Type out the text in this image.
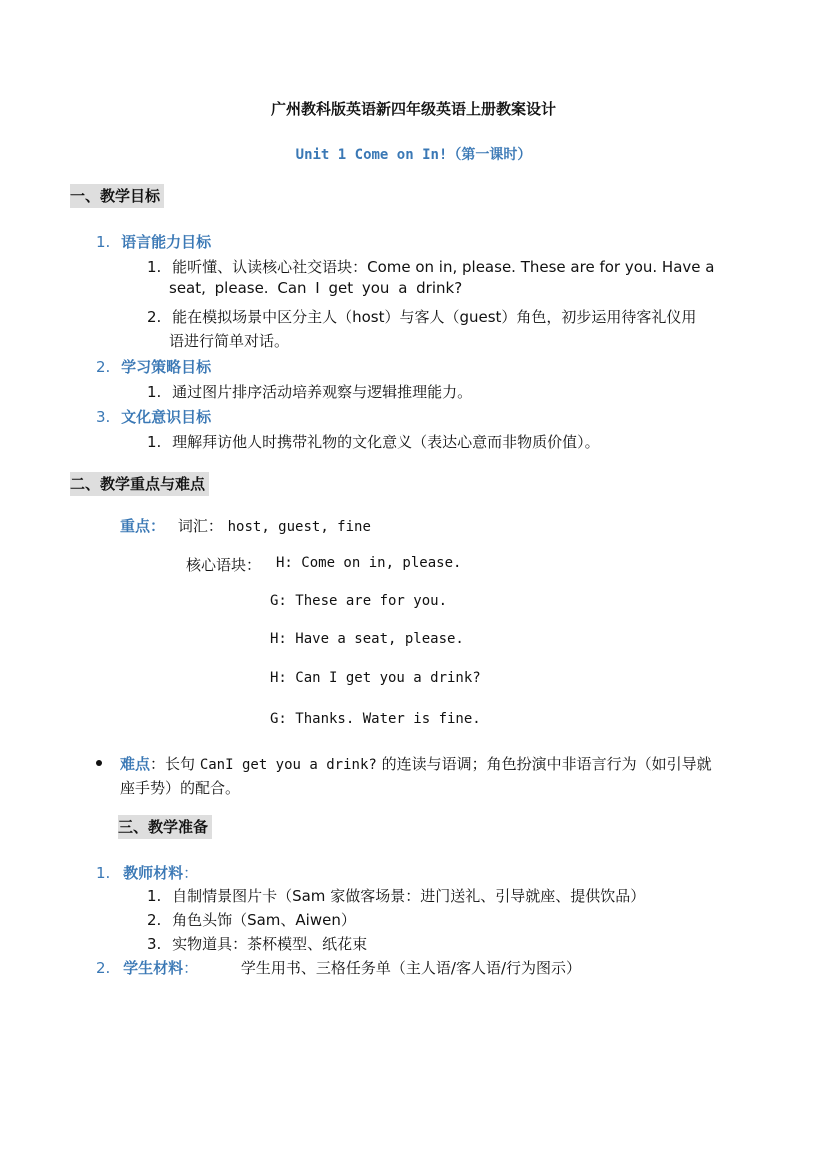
广州教科版英语新四年级英语上册教案设计
Unit 1 Come on In!（第一课时）
一、教学目标
1. 语言能力目标
1. 能听懂、认读核心社交语块：Come on in, please. These are for you. Have a
seat, please. Can I get you a drink?
2. 能在模拟场景中区分主人（host）与客人（guest）角色，初步运用待客礼仪用
语进行简单对话。
2. 学习策略目标
1. 通过图片排序活动培养观察与逻辑推理能力。
3. 文化意识目标
1. 理解拜访他人时携带礼物的文化意义（表达心意而非物质价值）。
二、教学重点与难点
重点： 词汇： host, guest, fine
核心语块： H: Come on in, please.
G: These are for you.
H: Have a seat, please.
H: Can I get you a drink?
G: Thanks. Water is fine.
难点：长句 CanI get you a drink? 的连读与语调；角色扮演中非语言行为（如引导就
座手势）的配合。
三、教学准备
1. 教师材料：
1. 自制情景图片卡（Sam 家做客场景：进门送礼、引导就座、提供饮品）
2. 角色头饰（Sam、Aiwen）
3. 实物道具：茶杯模型、纸花束
2. 学生材料：	学生用书、三格任务单（主人语/客人语/行为图示）
